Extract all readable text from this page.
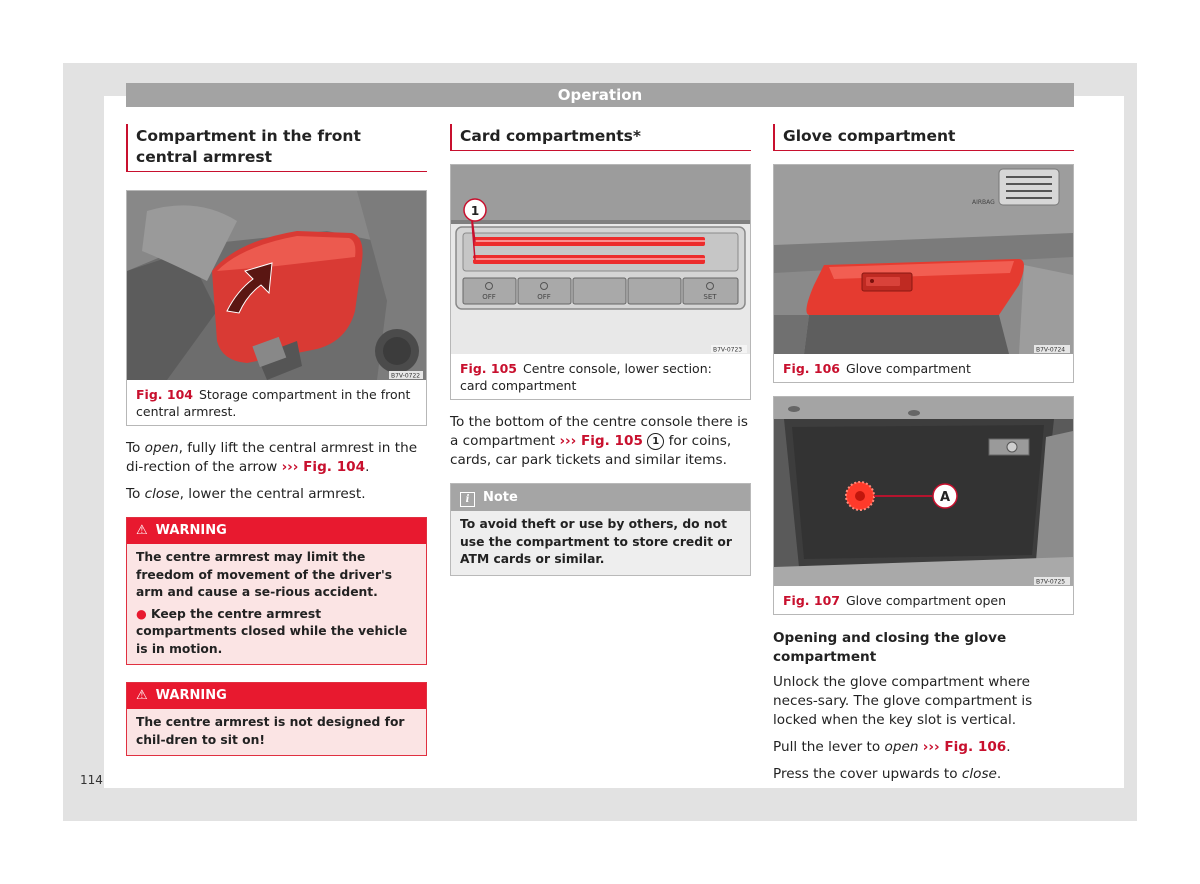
Operation
114
Compartment in the front central armrest
B7V-0722
Fig. 104 Storage compartment in the front central armrest.

To open, fully lift the central armrest in the di-rection of the arrow ››› Fig. 104.

To close, lower the central armrest.

⚠ WARNING
The centre armrest may limit the freedom of movement of the driver's arm and cause a se-rious accident.
● Keep the centre armrest compartments closed while the vehicle is in motion.
⚠ WARNING
The centre armrest is not designed for chil-dren to sit on!
Card compartments*
1
OFF	OFF	SET
B7V-0723
Fig. 105 Centre console, lower section: card compartment

To the bottom of the centre console there is a compartment ››› Fig. 105 1 for coins, cards, car park tickets and similar items.

i Note
To avoid theft or use by others, do not use the compartment to store credit or ATM cards or similar.
Glove compartment
AIRBAG
B7V-0724
Fig. 106 Glove compartment
A
B7V-0725
Fig. 107 Glove compartment open
Opening and closing the glove compartment

Unlock the glove compartment where neces-sary. The glove compartment is locked when the key slot is vertical.

Pull the lever to open ››› Fig. 106.

Press the cover upwards to close.
